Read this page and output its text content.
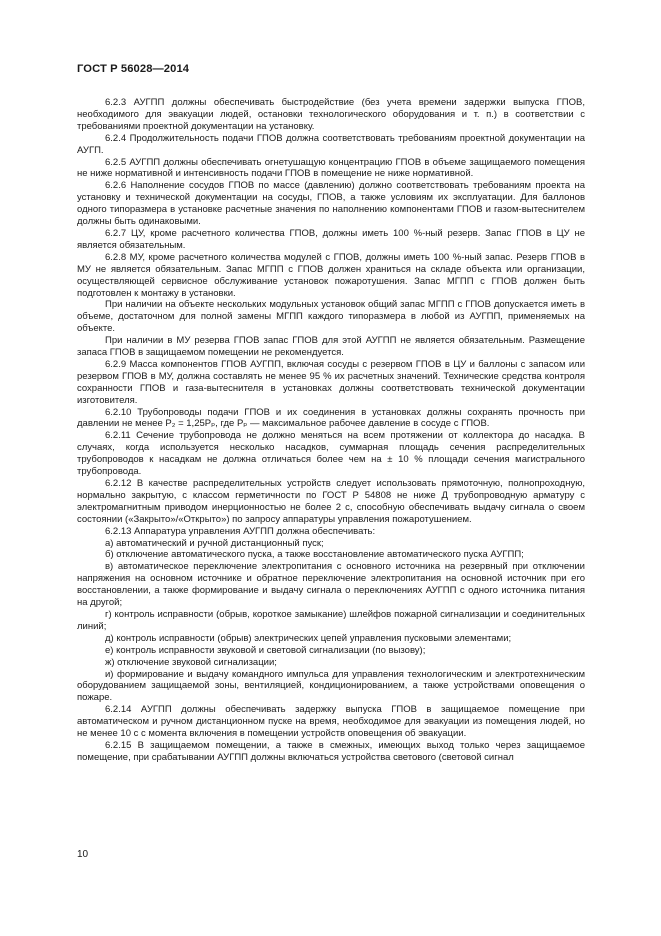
ГОСТ Р 56028—2014

6.2.3 АУГПП должны обеспечивать быстродействие (без учета времени задержки выпуска ГПОВ, необходимого для эвакуации людей, остановки технологического оборудования и т. п.) в соответствии с требованиями проектной документации на установку.

6.2.4 Продолжительность подачи ГПОВ должна соответствовать требованиям проектной документации на АУГП.

6.2.5 АУГПП должны обеспечивать огнетушащую концентрацию ГПОВ в объеме защищаемого помещения не ниже нормативной и интенсивность подачи ГПОВ в помещение не ниже нормативной.

6.2.6 Наполнение сосудов ГПОВ по массе (давлению) должно соответствовать требованиям проекта на установку и технической документации на сосуды, ГПОВ, а также условиям их эксплуатации. Для баллонов одного типоразмера в установке расчетные значения по наполнению компонентами ГПОВ и газом-вытеснителем должны быть одинаковыми.

6.2.7 ЦУ, кроме расчетного количества ГПОВ, должны иметь 100 %-ный резерв. Запас ГПОВ в ЦУ не является обязательным.

6.2.8 МУ, кроме расчетного количества модулей с ГПОВ, должны иметь 100 %-ный запас. Резерв ГПОВ в МУ не является обязательным. Запас МГПП с ГПОВ должен храниться на складе объекта или организации, осуществляющей сервисное обслуживание установок пожаротушения. Запас МГПП с ГПОВ должен быть подготовлен к монтажу в установки.

При наличии на объекте нескольких модульных установок общий запас МГПП с ГПОВ допускается иметь в объеме, достаточном для полной замены МГПП каждого типоразмера в любой из АУГПП, применяемых на объекте.

При наличии в МУ резерва ГПОВ запас ГПОВ для этой АУГПП не является обязательным. Размещение запаса ГПОВ в защищаемом помещении не рекомендуется.

6.2.9 Масса компонентов ГПОВ АУГПП, включая сосуды с резервом ГПОВ в ЦУ и баллоны с запасом или резервом ГПОВ в МУ, должна составлять не менее 95 % их расчетных значений. Технические средства контроля сохранности ГПОВ и газа-вытеснителя в установках должны соответствовать технической документации изготовителя.

6.2.10 Трубопроводы подачи ГПОВ и их соединения в установках должны сохранять прочность при давлении не менее P₂ = 1,25Pₚ, где Pₚ — максимальное рабочее давление в сосуде с ГПОВ.

6.2.11 Сечение трубопровода не должно меняться на всем протяжении от коллектора до насадка. В случаях, когда используется несколько насадков, суммарная площадь сечения распределительных трубопроводов к насадкам не должна отличаться более чем на ± 10 % площади сечения магистрального трубопровода.

6.2.12 В качестве распределительных устройств следует использовать прямоточную, полнопроходную, нормально закрытую, с классом герметичности по ГОСТ Р 54808 не ниже Д трубопроводную арматуру с электромагнитным приводом инерционностью не более 2 с, способную обеспечивать выдачу сигнала о своем состоянии («Закрыто»/«Открыто») по запросу аппаратуры управления пожаротушением.

6.2.13 Аппаратура управления АУГПП должна обеспечивать:

а) автоматический и ручной дистанционный пуск;

б) отключение автоматического пуска, а также восстановление автоматического пуска АУГПП;

в) автоматическое переключение электропитания с основного источника на резервный при отключении напряжения на основном источнике и обратное переключение электропитания на основной источник при его восстановлении, а также формирование и выдачу сигнала о переключениях АУГПП с одного источника питания на другой;

г) контроль исправности (обрыв, короткое замыкание) шлейфов пожарной сигнализации и соединительных линий;

д) контроль исправности (обрыв) электрических цепей управления пусковыми элементами;

е) контроль исправности звуковой и световой сигнализации (по вызову);

ж) отключение звуковой сигнализации;

и) формирование и выдачу командного импульса для управления технологическим и электротехническим оборудованием защищаемой зоны, вентиляцией, кондиционированием, а также устройствами оповещения о пожаре.

6.2.14 АУГПП должны обеспечивать задержку выпуска ГПОВ в защищаемое помещение при автоматическом и ручном дистанционном пуске на время, необходимое для эвакуации из помещения людей, но не менее 10 с с момента включения в помещении устройств оповещения об эвакуации.

6.2.15 В защищаемом помещении, а также в смежных, имеющих выход только через защищаемое помещение, при срабатывании АУГПП должны включаться устройства светового (световой сигнал

10
